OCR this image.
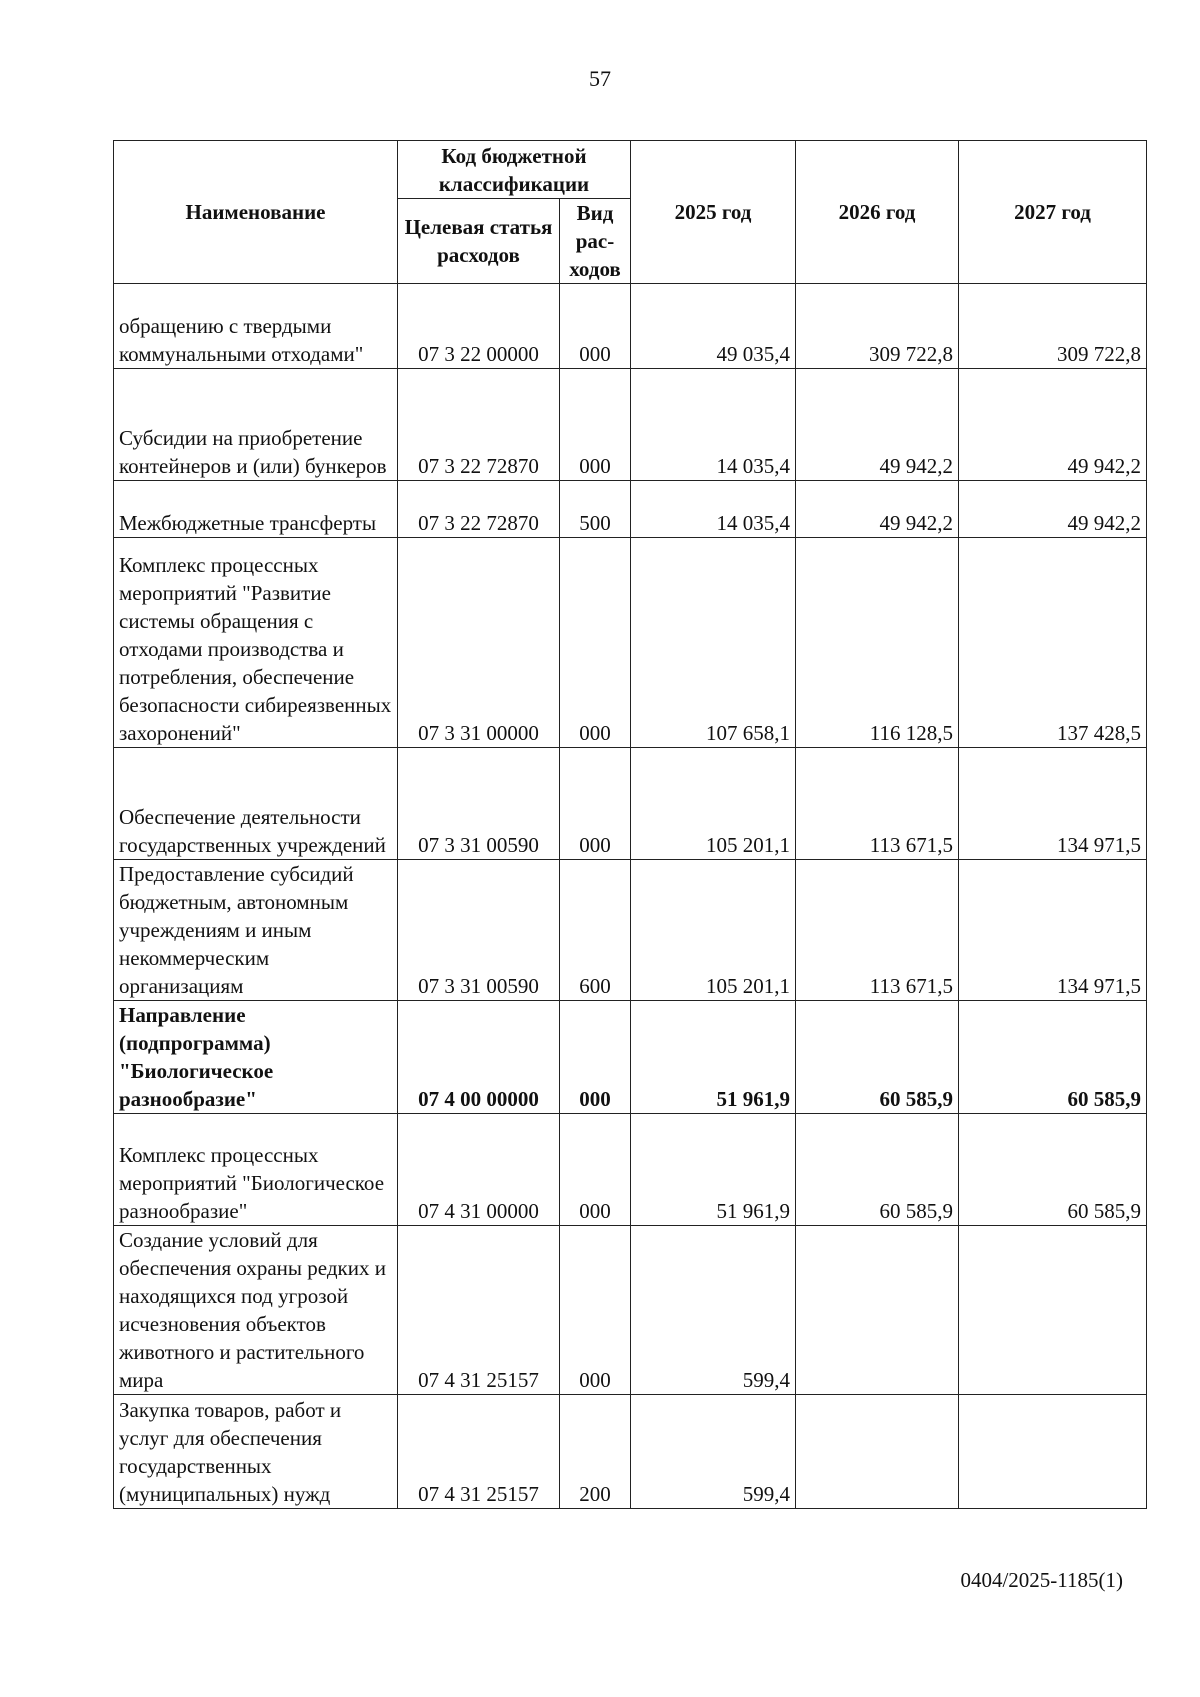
57
Наименование	Код бюджетной классификации		2025 год	2026 год	2027 год
	Целевая статья расходов	Вид рас-ходов			
обращению с твердыми коммунальными отходами"	07 3 22 00000	000	49 035,4	309 722,8	309 722,8
Субсидии на приобретение контейнеров и (или) бункеров	07 3 22 72870	000	14 035,4	49 942,2	49 942,2
Межбюджетные трансферты	07 3 22 72870	500	14 035,4	49 942,2	49 942,2
Комплекс процессных мероприятий "Развитие системы обращения с отходами производства и потребления, обеспечение безопасности сибиреязвенных захоронений"	07 3 31 00000	000	107 658,1	116 128,5	137 428,5
Обеспечение деятельности государственных учреждений	07 3 31 00590	000	105 201,1	113 671,5	134 971,5
Предоставление субсидий бюджетным, автономным учреждениям и иным некоммерческим организациям	07 3 31 00590	600	105 201,1	113 671,5	134 971,5
Направление (подпрограмма) "Биологическое разнообразие"	07 4 00 00000	000	51 961,9	60 585,9	60 585,9
Комплекс процессных мероприятий "Биологическое разнообразие"	07 4 31 00000	000	51 961,9	60 585,9	60 585,9
Создание условий для обеспечения охраны редких и находящихся под угрозой исчезновения объектов животного и растительного мира	07 4 31 25157	000	599,4		
Закупка товаров, работ и услуг для обеспечения государственных (муниципальных) нужд	07 4 31 25157	200	599,4		
0404/2025-1185(1)
